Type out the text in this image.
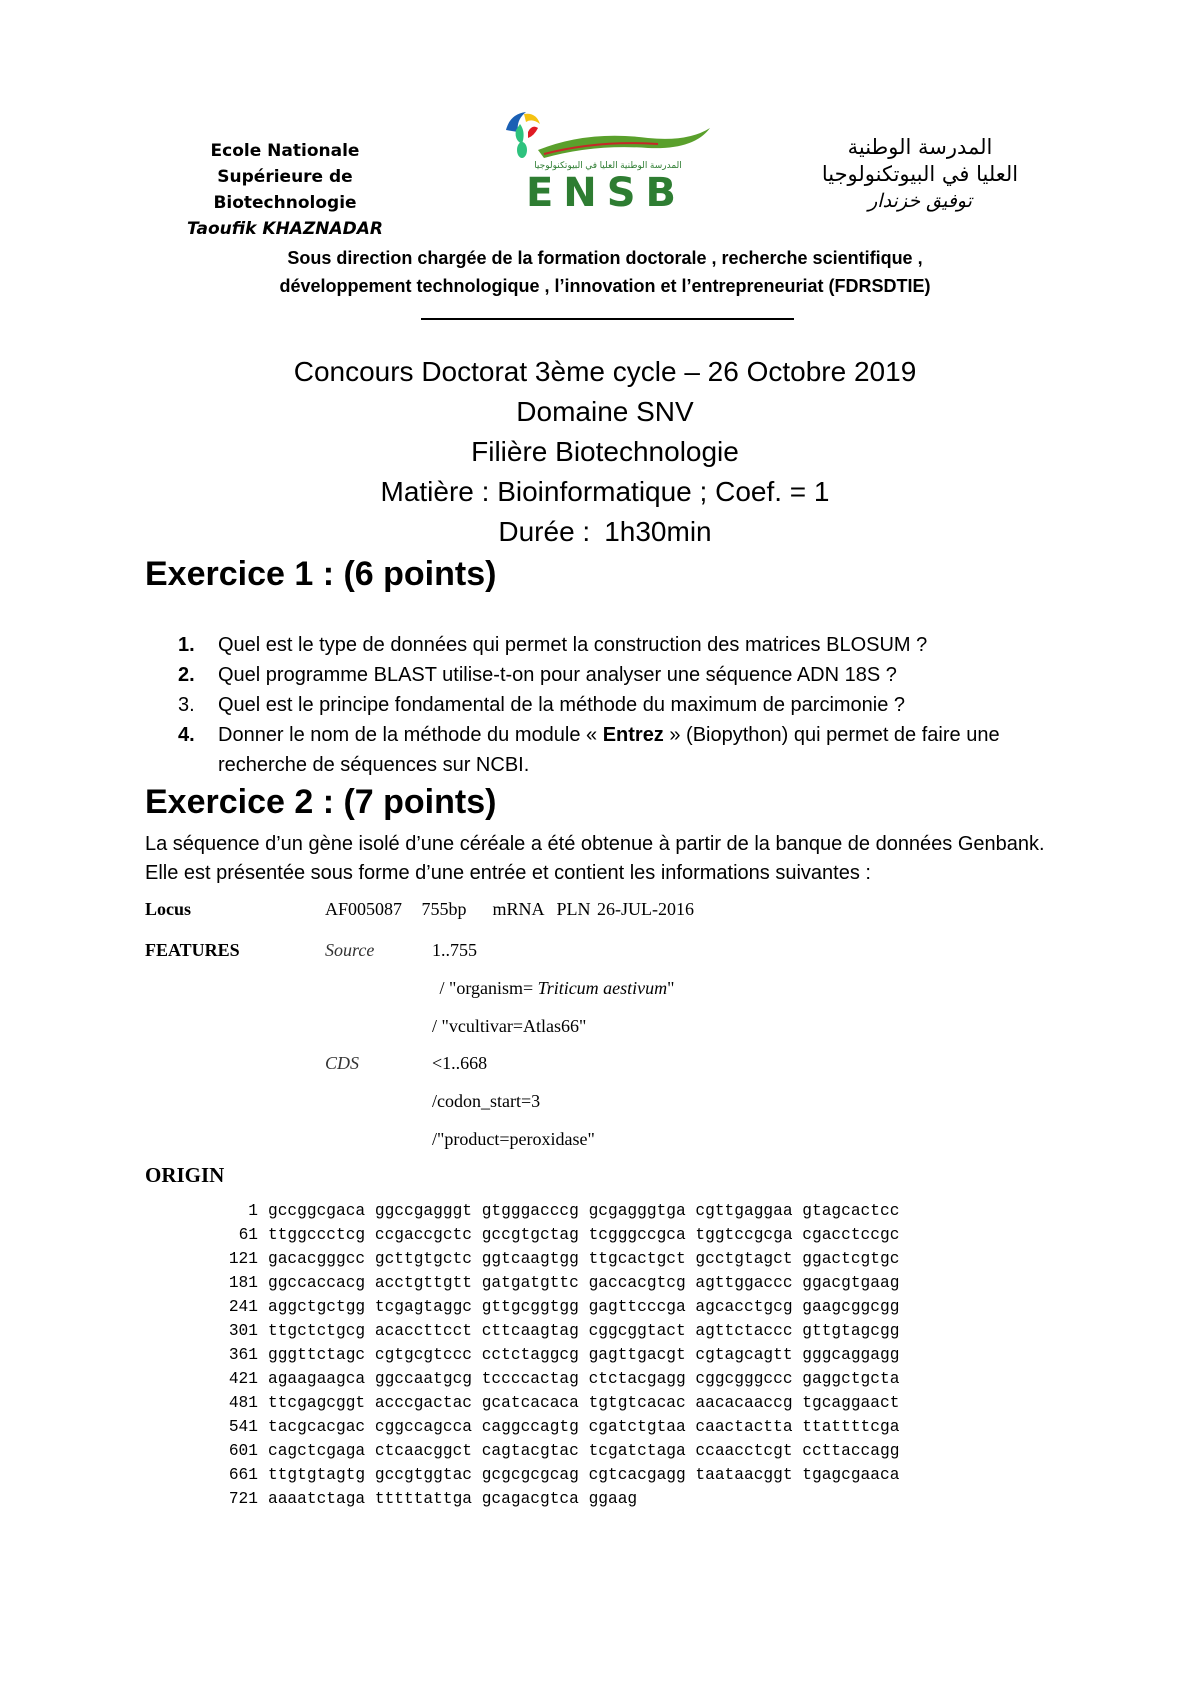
Ecole Nationale
Supérieure de Biotechnologie
Taoufik KHAZNADAR
المدرسة الوطنية العليا في البيوتكنولوجيا
ENSB
المدرسة الوطنية
العليا في البيوتكنولوجيا
توفيق خزندار
Sous direction chargée de la formation doctorale , recherche scientifique ,
développement technologique , l’innovation et l’entrepreneuriat (FDRSDTIE)
Concours Doctorat 3ème cycle – 26 Octobre 2019
Domaine SNV
Filière Biotechnologie
Matière : Bioinformatique ; Coef. = 1
Durée : 1h30min
Exercice 1 : (6 points)
1. Quel est le type de données qui permet la construction des matrices BLOSUM ?
2. Quel programme BLAST utilise-t-on pour analyser une séquence ADN 18S ?
3. Quel est le principe fondamental de la méthode du maximum de parcimonie ?
4. Donner le nom de la méthode du module « Entrez » (Biopython) qui permet de faire une recherche de séquences sur NCBI.
Exercice 2 : (7 points)
La séquence d’un gène isolé d’une céréale a été obtenue à partir de la banque de données Genbank. Elle est présentée sous forme d’une entrée et contient les informations suivantes :
Locus	AF005087   755bp    mRNA  PLN 26-JUL-2016
FEATURES	Source	1..755
/ "organism= Triticum aestivum"
/ "vcultivar=Atlas66"
CDS	<1..668
/codon_start=3
/"product=peroxidase"
ORIGIN
1 gccggcgaca ggccgagggt gtgggacccg gcgagggtga cgttgaggaa gtagcactcc
61 ttggccctcg ccgaccgctc gccgtgctag tcgggccgca tggtccgcga cgacctccgc
121 gacacgggcc gcttgtgctc ggtcaagtgg ttgcactgct gcctgtagct ggactcgtgc
181 ggccaccacg acctgttgtt gatgatgttc gaccacgtcg agttggaccc ggacgtgaag
241 aggctgctgg tcgagtaggc gttgcggtgg gagttcccga agcacctgcg gaagcggcgg
301 ttgctctgcg acaccttcct cttcaagtag cggcggtact agttctaccc gttgtagcgg
361 gggttctagc cgtgcgtccc cctctaggcg gagttgacgt cgtagcagtt gggcaggagg
421 agaagaagca ggccaatgcg tccccactag ctctacgagg cggcgggccc gaggctgcta
481 ttcgagcggt acccgactac gcatcacaca tgtgtcacac aacacaaccg tgcaggaact
541 tacgcacgac cggccagcca caggccagtg cgatctgtaa caactactta ttattttcga
601 cagctcgaga ctcaacggct cagtacgtac tcgatctaga ccaacctcgt ccttaccagg
661 ttgtgtagtg gccgtggtac gcgcgcgcag cgtcacgagg taataacggt tgagcgaaca
721 aaaatctaga tttttattga gcagacgtca ggaag
